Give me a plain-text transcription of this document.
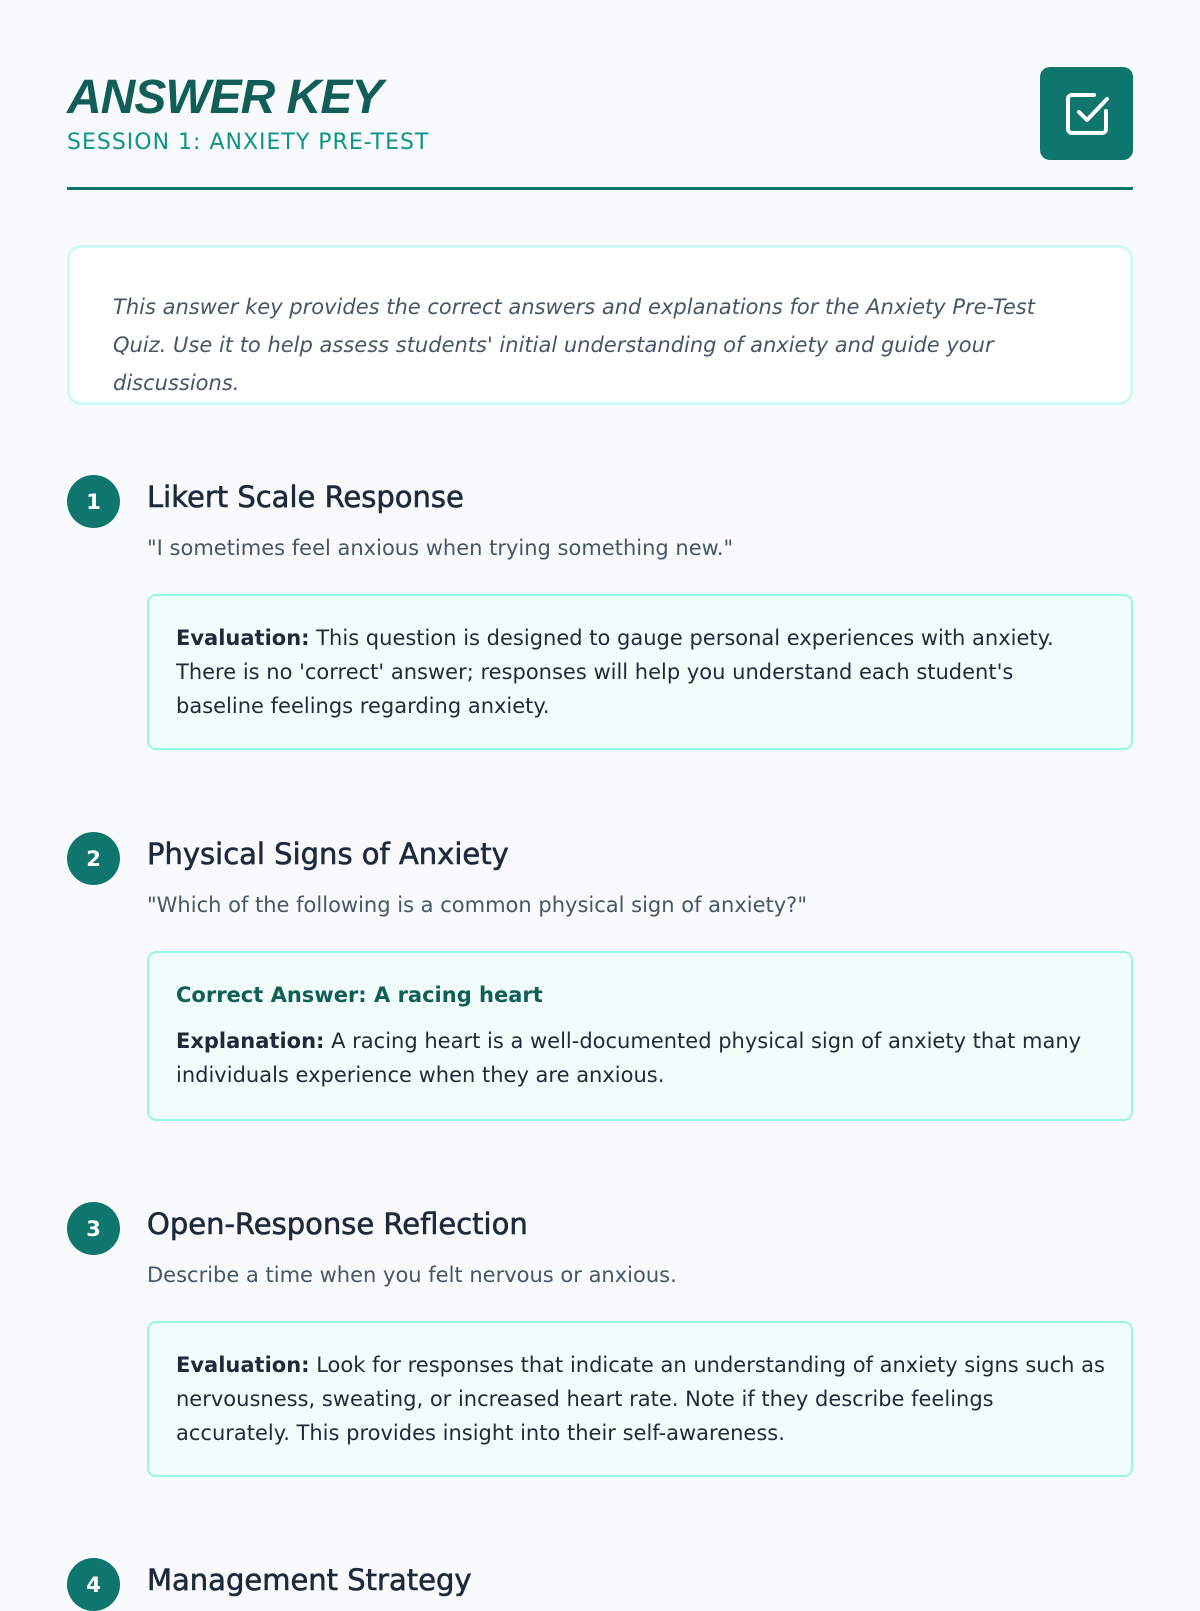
ANSWER KEY
SESSION 1: ANXIETY PRE-TEST
This answer key provides the correct answers and explanations for the Anxiety Pre-Test Quiz. Use it to help assess students' initial understanding of anxiety and guide your discussions.
1	Likert Scale Response
"I sometimes feel anxious when trying something new."
Evaluation: This question is designed to gauge personal experiences with anxiety. There is no 'correct' answer; responses will help you understand each student's baseline feelings regarding anxiety.
2	Physical Signs of Anxiety
"Which of the following is a common physical sign of anxiety?"
Correct Answer: A racing heart
Explanation: A racing heart is a well-documented physical sign of anxiety that many individuals experience when they are anxious.
3	Open-Response Reflection
Describe a time when you felt nervous or anxious.
Evaluation: Look for responses that indicate an understanding of anxiety signs such as nervousness, sweating, or increased heart rate. Note if they describe feelings accurately. This provides insight into their self-awareness.
4	Management Strategy
